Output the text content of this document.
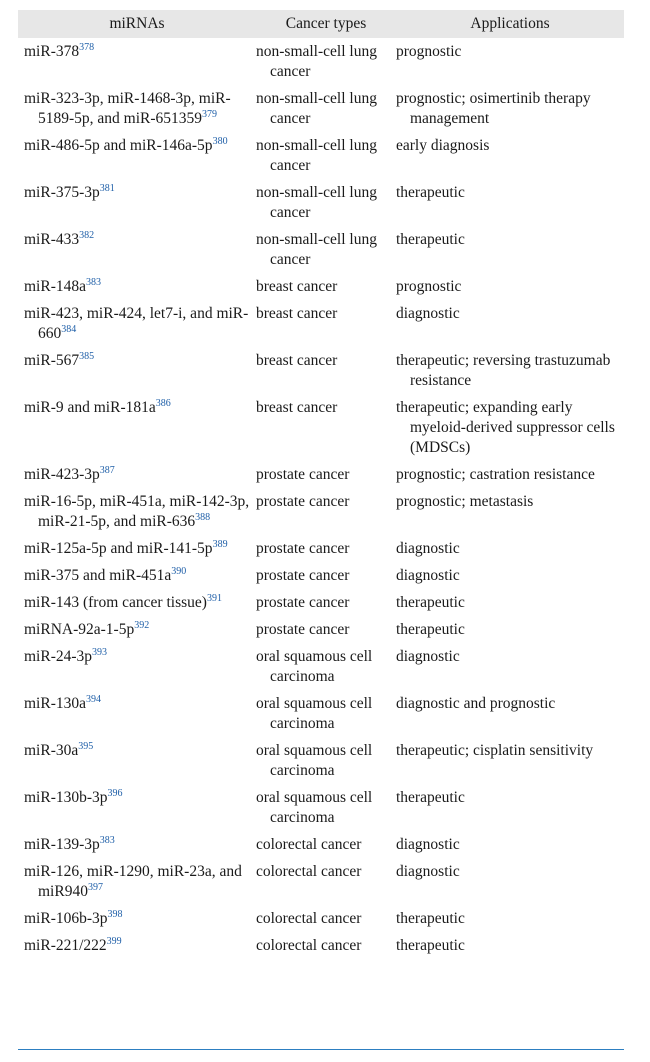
miRNAs	Cancer types	Applications

miR-$378^{378}$	non-small-cell lung cancer	prognostic

miR-323-3p, miR-1468-3p, miR-5189-5p, and miR-651359$^{379}$	non-small-cell lung cancer	prognostic; osimertinib therapy management

miR-486-5p and miR-$146a-5p^{380}$	non-small-cell lung cancer	early diagnosis

miR-$375-3p^{381}$	non-small-cell lung cancer	therapeutic

miR-$433^{382}$	non-small-cell lung cancer	therapeutic

miR-$148a^{383}$	breast cancer	prognostic

miR-423, miR-424, let7-i, and miR-$660^{384}$	breast cancer	diagnostic

miR-$567^{385}$	breast cancer	therapeutic; reversing trastuzumab resistance

miR-9 and miR-$181a^{386}$	breast cancer	therapeutic; expanding early myeloid-derived suppressor cells (MDSCs)

miR-$423-3p^{387}$	prostate cancer	prognostic; castration resistance

miR-16-5p, miR-451a, miR-142-3p, miR-21-5p, and miR-$636^{388}$	prostate cancer	prognostic; metastasis

miR-125a-5p and miR-$141-5p^{389}$	prostate cancer	diagnostic

miR-375 and miR-$451a^{390}$	prostate cancer	diagnostic

miR-143 (from cancer tissue)$^{391}$	prostate cancer	therapeutic

miRNA-$92a-1-5p^{392}$	prostate cancer	therapeutic

miR-$24-3p^{393}$	oral squamous cell carcinoma	diagnostic

miR-$130a^{394}$	oral squamous cell carcinoma	diagnostic and prognostic

miR-$30a^{395}$	oral squamous cell carcinoma	therapeutic; cisplatin sensitivity

miR-$130b-3p^{396}$	oral squamous cell carcinoma	therapeutic

miR-$139-3p^{383}$	colorectal cancer	diagnostic

miR-126, miR-1290, miR-23a, and $miR940^{397}$	colorectal cancer	diagnostic

miR-$106b-3p^{398}$	colorectal cancer	therapeutic

miR-$221/222^{399}$	colorectal cancer	therapeutic
